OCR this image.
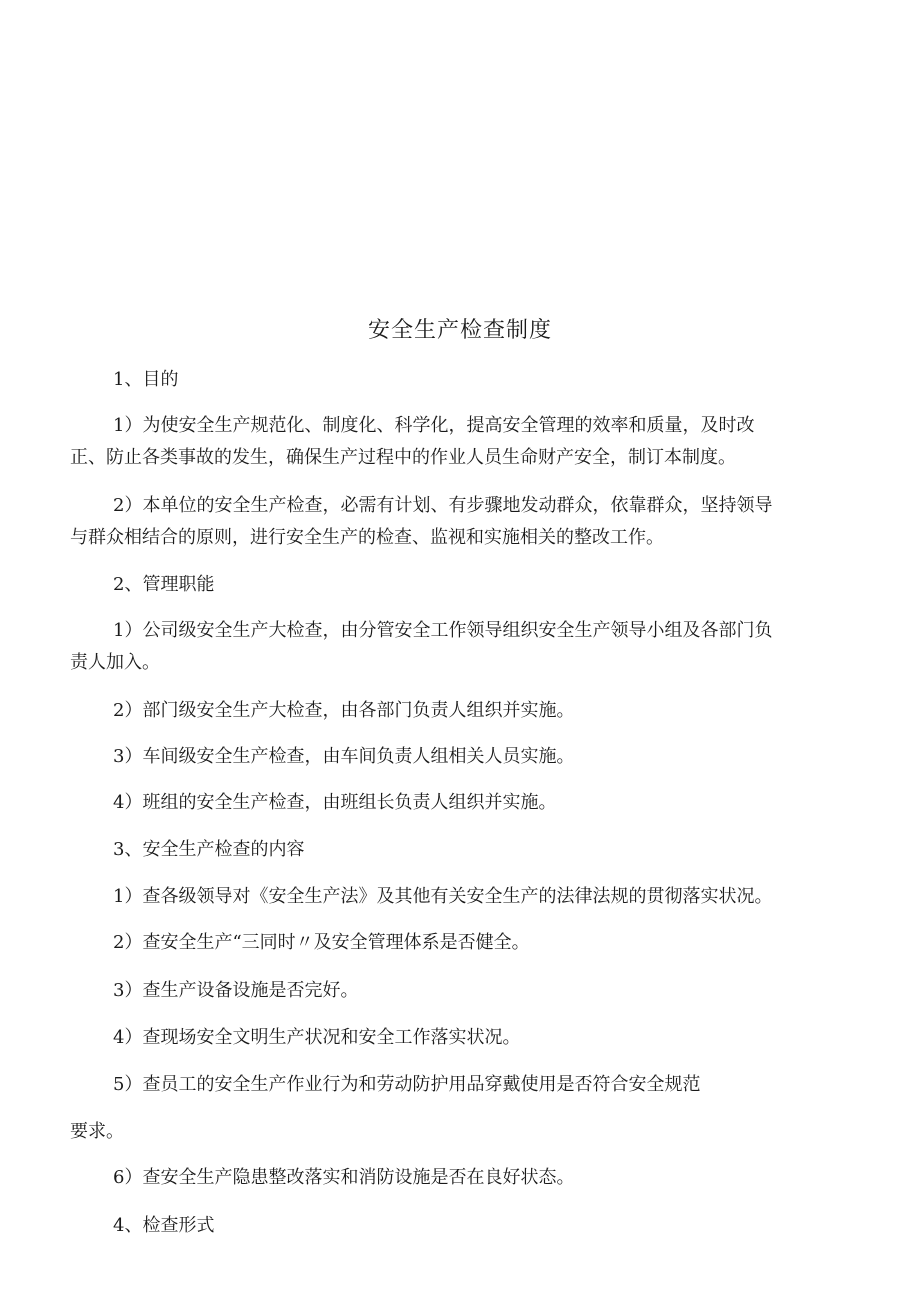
安全生产检查制度
1、目的
1）为使安全生产规范化、制度化、科学化，提高安全管理的效率和质量，及时改
正、防止各类事故的发生，确保生产过程中的作业人员生命财产安全，制订本制度。
2）本单位的安全生产检查，必需有计划、有步骤地发动群众，依靠群众，坚持领导
与群众相结合的原则，进行安全生产的检查、监视和实施相关的整改工作。
2、管理职能
1）公司级安全生产大检查，由分管安全工作领导组织安全生产领导小组及各部门负
责人加入。
2）部门级安全生产大检查，由各部门负责人组织并实施。
3）车间级安全生产检查，由车间负责人组相关人员实施。
4）班组的安全生产检查，由班组长负责人组织并实施。
3、安全生产检查的内容
1）查各级领导对《安全生产法》及其他有关安全生产的法律法规的贯彻落实状况。
2）查安全生产“三同时〃及安全管理体系是否健全。
3）查生产设备设施是否完好。
4）查现场安全文明生产状况和安全工作落实状况。
5）查员工的安全生产作业行为和劳动防护用品穿戴使用是否符合安全规范
要求。
6）查安全生产隐患整改落实和消防设施是否在良好状态。
4、检查形式
